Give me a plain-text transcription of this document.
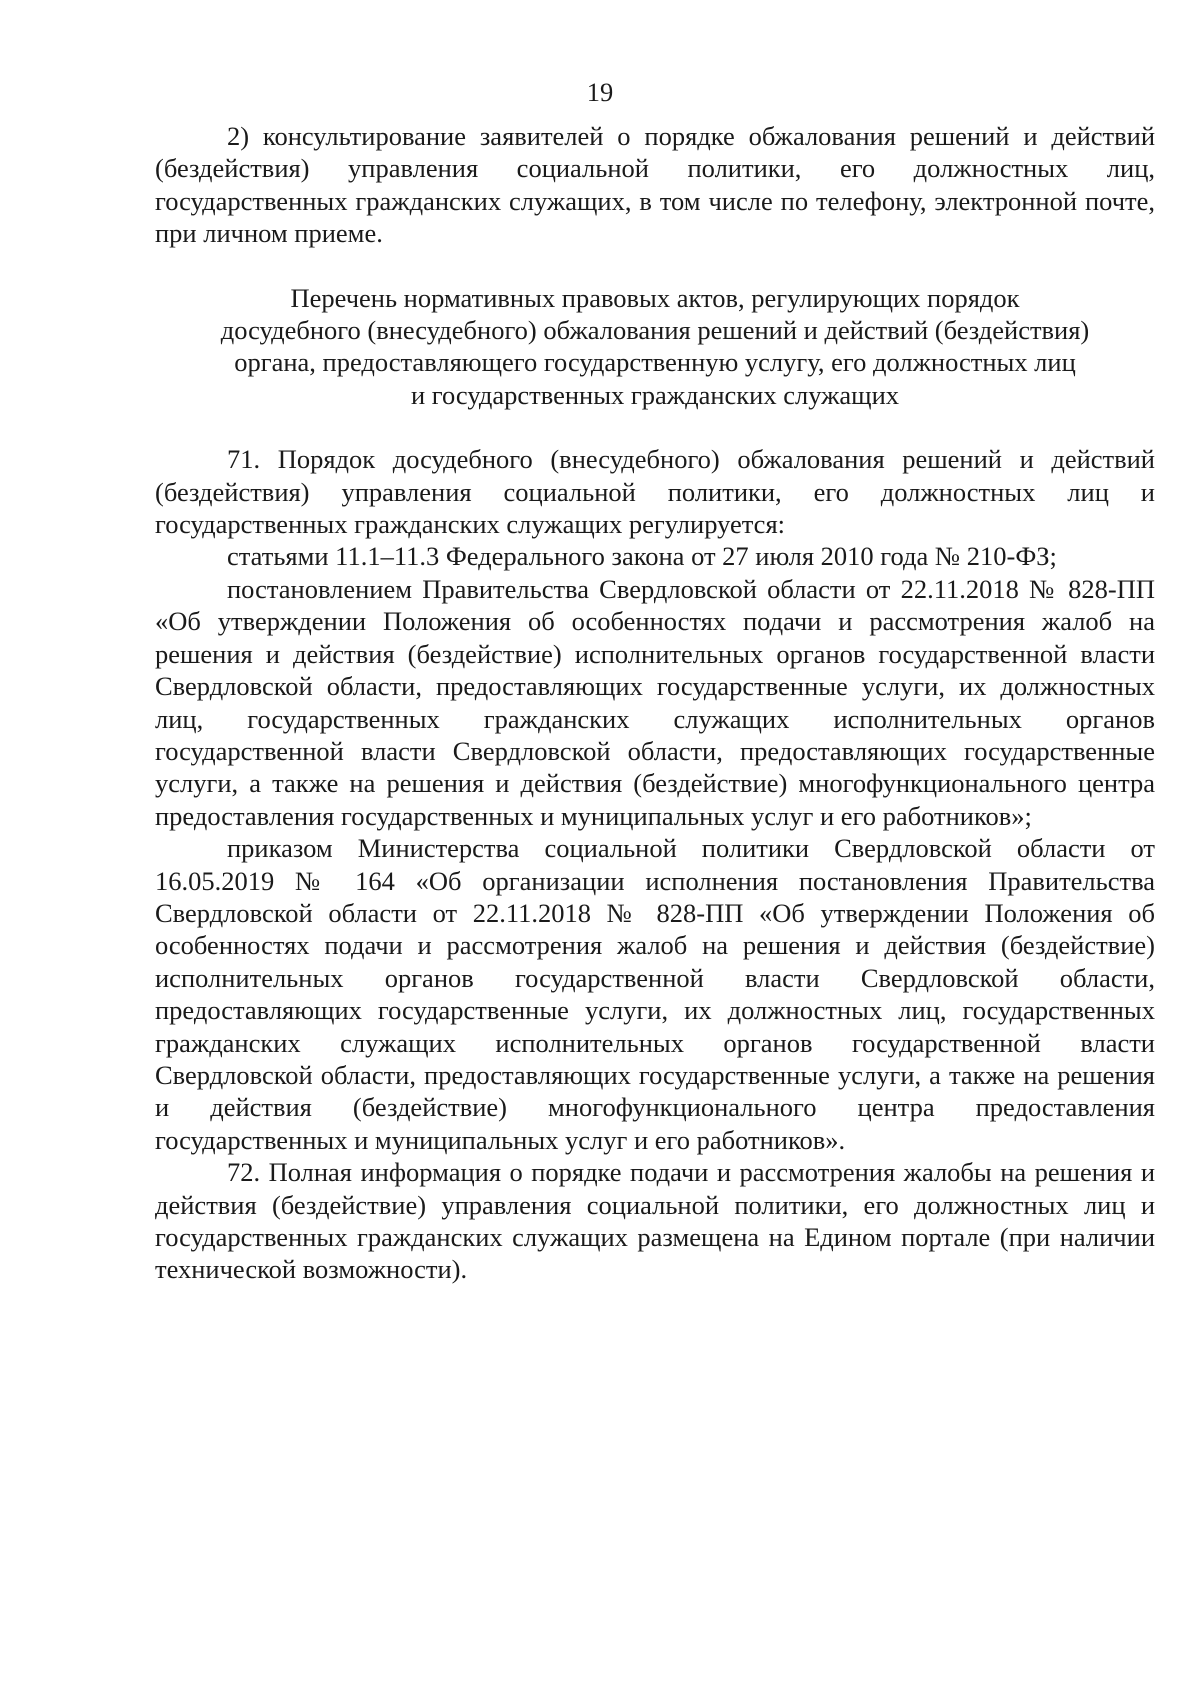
19

2) консультирование заявителей о порядке обжалования решений и действий (бездействия) управления социальной политики, его должностных лиц, государственных гражданских служащих, в том числе по телефону, электронной почте, при личном приеме.

Перечень нормативных правовых актов, регулирующих порядок

досудебного (внесудебного) обжалования решений и действий (бездействия)

органа, предоставляющего государственную услугу, его должностных лиц

и государственных гражданских служащих

71. Порядок досудебного (внесудебного) обжалования решений и действий (бездействия) управления социальной политики, его должностных лиц и государственных гражданских служащих регулируется:

статьями 11.1–11.3 Федерального закона от 27 июля 2010 года № 210-ФЗ;

постановлением Правительства Свердловской области от 22.11.2018 № 828-ПП «Об утверждении Положения об особенностях подачи и рассмотрения жалоб на решения и действия (бездействие) исполнительных органов государственной власти Свердловской области, предоставляющих государственные услуги, их должностных лиц, государственных гражданских служащих исполнительных органов государственной власти Свердловской области, предоставляющих государственные услуги, а также на решения и действия (бездействие) многофункционального центра предоставления государственных и муниципальных услуг и его работников»;

приказом Министерства социальной политики Свердловской области от 16.05.2019 № 164 «Об организации исполнения постановления Правительства Свердловской области от 22.11.2018 № 828-ПП «Об утверждении Положения об особенностях подачи и рассмотрения жалоб на решения и действия (бездействие) исполнительных органов государственной власти Свердловской области, предоставляющих государственные услуги, их должностных лиц, государственных гражданских служащих исполнительных органов государственной власти Свердловской области, предоставляющих государственные услуги, а также на решения и действия (бездействие) многофункционального центра предоставления государственных и муниципальных услуг и его работников».

72. Полная информация о порядке подачи и рассмотрения жалобы на решения и действия (бездействие) управления социальной политики, его должностных лиц и государственных гражданских служащих размещена на Едином портале (при наличии технической возможности).
